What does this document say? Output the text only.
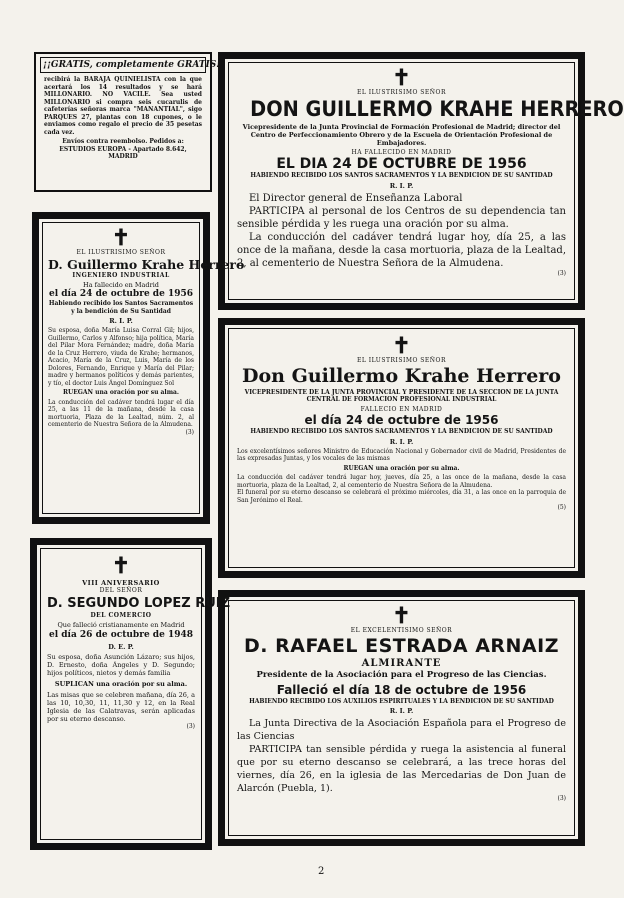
¡¡GRATIS, completamente GRATIS!!

recibirá la BARAJA QUINIELISTA con la que acertará los 14 resultados y se hará MILLONARIO. NO VACILE. Sea usted MILLONARIO si compra seis cucarulis de cafeterías señoras marca "MANANTIAL", sigo PARQUES 27, plantas con 18 cupones, o le enviamos como regalo el precio de 35 pesetas cada vez.

Envíos contra reembolso. Pedidos a: ESTUDIOS EUROPA - Apartado 8.642, MADRID

✝

EL ILUSTRISIMO SEÑOR

DON GUILLERMO KRAHE HERRERO

Vicepresidente de la Junta Provincial de Formación Profesional de Madrid; director del Centro de Perfeccionamiento Obrero y de la Escuela de Orientación Profesional de Embajadores.

HA FALLECIDO EN MADRID

EL DIA 24 DE OCTUBRE DE 1956

HABIENDO RECIBIDO LOS SANTOS SACRAMENTOS Y LA BENDICION DE SU SANTIDAD

R. I. P.

El Director general de Enseñanza Laboral

PARTICIPA al personal de los Centros de su dependencia tan sensible pérdida y les ruega una oración por su alma.

La conducción del cadáver tendrá lugar hoy, día 25, a las once de la mañana, desde la casa mortuoria, plaza de la Lealtad, 2, al cementerio de Nuestra Señora de la Almudena.

(3)

✝

EL ILUSTRISIMO SEÑOR

D. Guillermo Krahe Herrero

INGENIERO INDUSTRIAL

Ha fallecido en Madrid

el día 24 de octubre de 1956

Habiendo recibido los Santos Sacramentos y la bendición de Su Santidad

R. I. P.

Su esposa, doña María Luisa Corral Gil; hijos, Guillermo, Carlos y Alfonso; hija política, María del Pilar Mora Fernández; madre, doña María de la Cruz Herrero, viuda de Krahe; hermanos, Acacio, María de la Cruz, Luis, María de los Dolores, Fernando, Enrique y María del Pilar; madre y hermanos políticos y demás parientes, y tío, el doctor Luis Ángel Domínguez Sol

RUEGAN una oración por su alma.

La conducción del cadáver tendrá lugar el día 25, a las 11 de la mañana, desde la casa mortuoria, Plaza de la Lealtad, núm. 2, al cementerio de Nuestra Señora de la Almudena.

(3)

✝

EL ILUSTRISIMO SEÑOR

Don Guillermo Krahe Herrero

VICEPRESIDENTE DE LA JUNTA PROVINCIAL Y PRESIDENTE DE LA SECCION DE LA JUNTA CENTRAL DE FORMACION PROFESIONAL INDUSTRIAL

FALLECIO EN MADRID

el día 24 de octubre de 1956

HABIENDO RECIBIDO LOS SANTOS SACRAMENTOS Y LA BENDICION DE SU SANTIDAD

R. I. P.

Los excelentísimos señores Ministro de Educación Nacional y Gobernador civil de Madrid, Presidentes de las expresadas Juntas, y los vocales de las mismas

RUEGAN una oración por su alma.

La conducción del cadáver tendrá lugar hoy, jueves, día 25, a las once de la mañana, desde la casa mortuoria, plaza de la Lealtad, 2, al cementerio de Nuestra Señora de la Almudena.

El funeral por su eterno descanso se celebrará el próximo miércoles, día 31, a las once en la parroquia de San Jerónimo el Real.

(5)

✝

VIII ANIVERSARIO

DEL SEÑOR

D. SEGUNDO LOPEZ RUIZ

DEL COMERCIO

Que falleció cristianamente en Madrid

el día 26 de octubre de 1948

D. E. P.

Su esposa, doña Asunción Lázaro; sus hijos, D. Ernesto, doña Ángeles y D. Segundo; hijos políticos, nietos y demás familia

SUPLICAN una oración por su alma.

Las misas que se celebren mañana, día 26, a las 10, 10,30, 11, 11,30 y 12, en la Real Iglesia de las Calatravas, serán aplicadas por su eterno descanso.

(3)

✝

EL EXCELENTISIMO SEÑOR

D. RAFAEL ESTRADA ARNAIZ

ALMIRANTE

Presidente de la Asociación para el Progreso de las Ciencias.

Falleció el día 18 de octubre de 1956

HABIENDO RECIBIDO LOS AUXILIOS ESPIRITUALES Y LA BENDICION DE SU SANTIDAD

R. I. P.

La Junta Directiva de la Asociación Española para el Progreso de las Ciencias

PARTICIPA tan sensible pérdida y ruega la asistencia al funeral que por su eterno descanso se celebrará, a las trece horas del viernes, día 26, en la iglesia de las Mercedarias de Don Juan de Alarcón (Puebla, 1).

(3)

2
